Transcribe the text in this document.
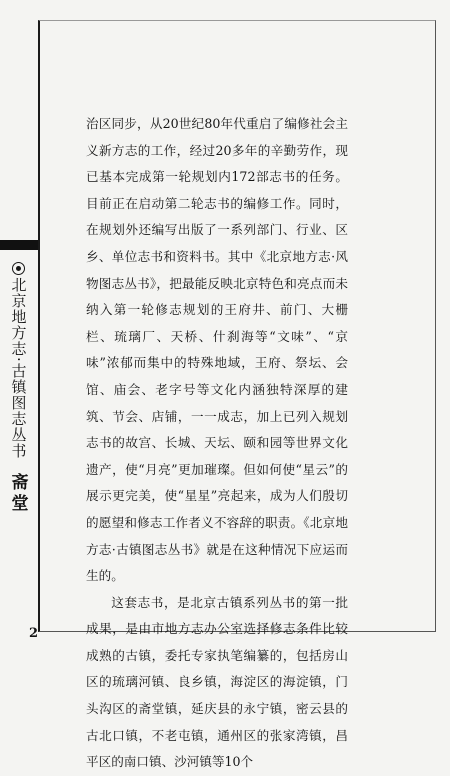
北京地方志·古镇图志丛书
斋堂

治区同步，从20世纪80年代重启了编修社会主义新方志的工作，经过20多年的辛勤劳作，现已基本完成第一轮规划内172部志书的任务。目前正在启动第二轮志书的编修工作。同时，在规划外还编写出版了一系列部门、行业、区乡、单位志书和资料书。其中《北京地方志·风物图志丛书》，把最能反映北京特色和亮点而未纳入第一轮修志规划的王府井、前门、大栅栏、琉璃厂、天桥、什刹海等“文味”、“京味”浓郁而集中的特殊地域，王府、祭坛、会馆、庙会、老字号等文化内涵独特深厚的建筑、节会、店铺，一一成志，加上已列入规划志书的故宫、长城、天坛、颐和园等世界文化遗产，使“月亮”更加璀璨。但如何使“星云”的展示更完美，使“星星”亮起来，成为人们殷切的愿望和修志工作者义不容辞的职责。《北京地方志·古镇图志丛书》就是在这种情况下应运而生的。

这套志书，是北京古镇系列丛书的第一批成果，是由市地方志办公室选择修志条件比较成熟的古镇，委托专家执笔编纂的，包括房山区的琉璃河镇、良乡镇，海淀区的海淀镇，门头沟区的斋堂镇，延庆县的永宁镇，密云县的古北口镇，不老屯镇，通州区的张家湾镇，昌平区的南口镇、沙河镇等10个

2
